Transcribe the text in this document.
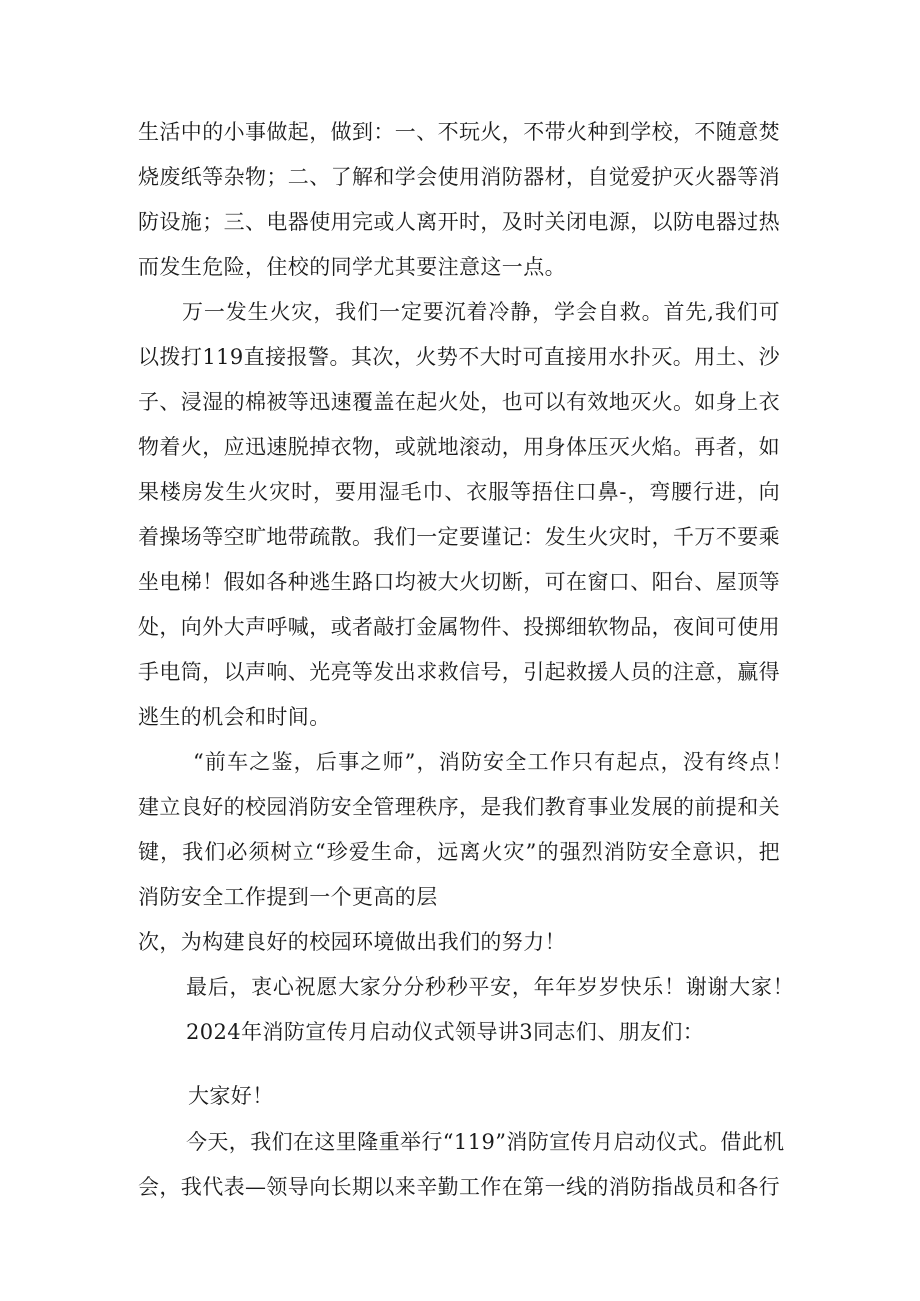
生活中的小事做起，做到：一、不玩火，不带火种到学校，不随意焚
烧废纸等杂物；二、了解和学会使用消防器材，自觉爱护灭火器等消
防设施；三、电器使用完或人离开时，及时关闭电源，以防电器过热
而发生危险，住校的同学尤其要注意这一点。
万一发生火灾，我们一定要沉着冷静，学会自救。首先,我们可
以拨打119直接报警。其次，火势不大时可直接用水扑灭。用土、沙
子、浸湿的棉被等迅速覆盖在起火处，也可以有效地灭火。如身上衣
物着火，应迅速脱掉衣物，或就地滚动，用身体压灭火焰。再者，如
果楼房发生火灾时，要用湿毛巾、衣服等捂住口鼻-，弯腰行进，向
着操场等空旷地带疏散。我们一定要谨记：发生火灾时，千万不要乘
坐电梯！假如各种逃生路口均被大火切断，可在窗口、阳台、屋顶等
处，向外大声呼喊，或者敲打金属物件、投掷细软物品，夜间可使用
手电筒，以声响、光亮等发出求救信号，引起救援人员的注意，赢得
逃生的机会和时间。
“前车之鉴，后事之师”，消防安全工作只有起点，没有终点！
建立良好的校园消防安全管理秩序，是我们教育事业发展的前提和关
键，我们必须树立“珍爱生命，远离火灾”的强烈消防安全意识，把
消防安全工作提到一个更高的层
次，为构建良好的校园环境做出我们的努力！
最后，衷心祝愿大家分分秒秒平安，年年岁岁快乐！谢谢大家！
2024年消防宣传月启动仪式领导讲3同志们、朋友们：
大家好！
今天，我们在这里隆重举行“119”消防宣传月启动仪式。借此机
会，我代表—领导向长期以来辛勤工作在第一线的消防指战员和各行
